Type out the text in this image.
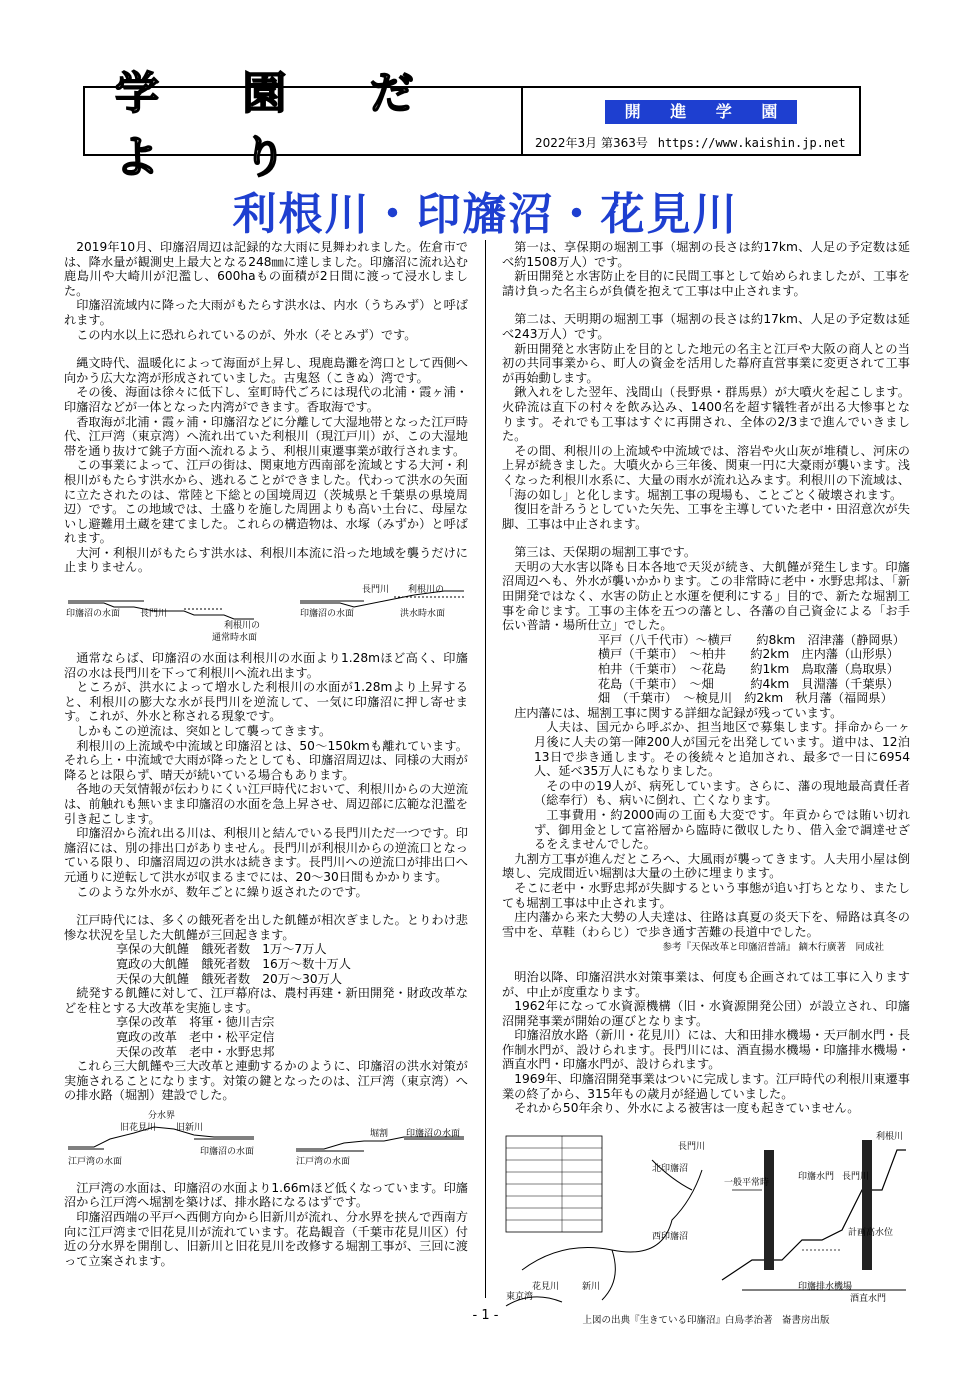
学 園 だ よ り
開 進 学 園
2022年3月 第363号 https://www.kaishin.jp.net
利根川・印旛沼・花見川

2019年10月、印旛沼周辺は記録的な大雨に見舞われました。佐倉市では、降水量が観測史上最大となる248㎜に達しました。印旛沼に流れ込む鹿島川や大崎川が氾濫し、600haもの面積が2日間に渡って浸水しました。

印旛沼流域内に降った大雨がもたらす洪水は、内水（うちみず）と呼ばれます。

この内水以上に恐れられているのが、外水（そとみず）です。

縄文時代、温暖化によって海面が上昇し、現鹿島灘を湾口として西側へ向かう広大な湾が形成されていました。古鬼怒（こきぬ）湾です。

その後、海面は徐々に低下し、室町時代ごろには現代の北浦・霞ヶ浦・印旛沼などが一体となった内湾ができます。香取海です。

香取海が北浦・霞ヶ浦・印旛沼などに分離して大湿地帯となった江戸時代、江戸湾（東京湾）へ流れ出ていた利根川（現江戸川）が、この大湿地帯を通り抜けて銚子方面へ流れるよう、利根川東遷事業が敢行されます。

この事業によって、江戸の街は、関東地方西南部を流域とする大河・利根川がもたらす洪水から、逃れることができました。代わって洪水の矢面に立たされたのは、常陸と下総との国境周辺（茨城県と千葉県の県境周辺）です。この地域では、土盛りを施した周囲よりも高い土台に、母屋ないし避難用土蔵を建てました。これらの構造物は、水塚（みずか）と呼ばれます。

大河・利根川がもたらす洪水は、利根川本流に沿った地域を襲うだけに止まりません。

印旛沼の水面 長門川
利根川の
通常時水面
長門川 利根川の
印旛沼の水面	洪水時水面

通常ならば、印旛沼の水面は利根川の水面より1.28mほど高く、印旛沼の水は長門川を下って利根川へ流れ出ます。

ところが、洪水によって増水した利根川の水面が1.28mより上昇すると、利根川の膨大な水が長門川を逆流して、一気に印旛沼に押し寄せます。これが、外水と称される現象です。

しかもこの逆流は、突如として襲ってきます。

利根川の上流域や中流域と印旛沼とは、50～150kmも離れています。それら上・中流域で大雨が降ったとしても、印旛沼周辺は、同様の大雨が降るとは限らず、晴天が続いている場合もあります。

各地の天気情報が伝わりにくい江戸時代において、利根川からの大逆流は、前触れも無いまま印旛沼の水面を急上昇させ、周辺部に広範な氾濫を引き起こします。

印旛沼から流れ出る川は、利根川と結んでいる長門川ただ一つです。印旛沼には、別の排出口がありません。長門川が利根川からの逆流口となっている限り、印旛沼周辺の洪水は続きます。長門川への逆流口が排出口へ元通りに逆転して洪水が収まるまでには、20～30日間もかかります。

このような外水が、数年ごとに繰り返されたのです。

江戸時代には、多くの餓死者を出した飢饉が相次ぎました。とりわけ悲惨な状況を呈した大飢饉が三回起きます。

享保の大飢饉　餓死者数　1万～7万人
寛政の大飢饉　餓死者数　16万～数十万人
天保の大飢饉　餓死者数　20万～30万人

続発する飢饉に対して、江戸幕府は、農村再建・新田開発・財政改革などを柱とする大改革を実施します。

享保の改革　将軍・徳川吉宗
寛政の改革　老中・松平定信
天保の改革　老中・水野忠邦

これら三大飢饉や三大改革と連動するかのように、印旛沼の洪水対策が実施されることになります。対策の鍵となったのは、江戸湾（東京湾）への排水路（堀割）建設でした。

分水界
旧花見川 旧新川
江戸湾の水面
印旛沼の水面
堀割 印旛沼の水面
江戸湾の水面

江戸湾の水面は、印旛沼の水面より1.66mほど低くなっています。印旛沼から江戸湾へ堀割を築けば、排水路になるはずです。

印旛沼西端の平戸へ西側方向から旧新川が流れ、分水界を挟んで西南方向に江戸湾まで旧花見川が流れています。花島観音（千葉市花見川区）付近の分水界を開削し、旧新川と旧花見川を改修する堀割工事が、三回に渡って立案されます。

第一は、享保期の堀割工事（堀割の長さは約17km、人足の予定数は延べ約1508万人）です。

新田開発と水害防止を目的に民間工事として始められましたが、工事を請け負った名主らが負債を抱えて工事は中止されます。

第二は、天明期の堀割工事（堀割の長さは約17km、人足の予定数は延べ243万人）です。

新田開発と水害防止を目的とした地元の名主と江戸や大阪の商人との当初の共同事業から、町人の資金を活用した幕府直営事業に変更されて工事が再始動します。

鍬入れをした翌年、浅間山（長野県・群馬県）が大噴火を起こします。火砕流は直下の村々を飲み込み、1400名を超す犠牲者が出る大惨事となります。それでも工事はすぐに再開され、全体の2/3まで進んでいきました。

その間、利根川の上流域や中流域では、溶岩や火山灰が堆積し、河床の上昇が続きました。大噴火から三年後、関東一円に大豪雨が襲います。浅くなった利根川水系に、大量の雨水が流れ込みます。利根川の下流域は、「海の如し」と化します。堀割工事の現場も、ことごとく破壊されます。

復旧を計ろうとしていた矢先、工事を主導していた老中・田沼意次が失脚、工事は中止されます。

第三は、天保期の堀割工事です。

天明の大水害以降も日本各地で天災が続き、大飢饉が発生します。印旛沼周辺へも、外水が襲いかかります。この非常時に老中・水野忠邦は、「新田開発ではなく、水害の防止と水運を便利にする」目的で、新たな堀割工事を命じます。工事の主体を五つの藩とし、各藩の自己資金による「お手伝い普請・場所仕立」でした。

平戸（八千代市）～横戸　　約8km　沼津藩（静岡県）
横戸（千葉市）　～柏井　　約2km　庄内藩（山形県）
柏井（千葉市）　～花島　　約1km　鳥取藩（鳥取県）
花島（千葉市）　～畑　　　約4km　貝淵藩（千葉県）
畑　（千葉市）　～検見川　約2km　秋月藩（福岡県）

庄内藩には、堀割工事に関する詳細な記録が残っています。

人夫は、国元から呼ぶか、担当地区で募集します。拝命から一ヶ月後に人夫の第一陣200人が国元を出発しています。道中は、12泊13日で歩き通します。その後続々と追加され、最多で一日に6954人、延べ35万人にもなりました。

その中の19人が、病死しています。さらに、藩の現地最高責任者（総奉行）も、病いに倒れ、亡くなります。

工事費用・約2000両の工面も大変です。年貢からでは賄い切れず、御用金として富裕層から臨時に徴収したり、借入金で調達せざるをえませんでした。

九割方工事が進んだところへ、大風雨が襲ってきます。人夫用小屋は倒壊し、完成間近い堀割は大量の土砂に埋まります。

そこに老中・水野忠邦が失脚するという事態が追い打ちとなり、またしても堀割工事は中止されます。

庄内藩から来た大勢の人夫達は、往路は真夏の炎天下を、帰路は真冬の雪中を、草鞋（わらじ）で歩き通す苦難の長道中でした。

参考『天保改革と印旛沼普請』 鏑木行廣著　同成社

明治以降、印旛沼洪水対策事業は、何度も企画されては工事に入りますが、中止が度重なります。

1962年になって水資源機構（旧・水資源開発公団）が設立され、印旛沼開発事業が開始の運びとなります。

印旛沼放水路（新川・花見川）には、大和田排水機場・天戸制水門・長作制水門が、設けられます。長門川には、酒直揚水機場・印旛排水機場・酒直水門・印旛水門が、設けられます。

1969年、印旛沼開発事業はついに完成します。江戸時代の利根川東遷事業の終了から、315年もの歳月が経過していました。

それから50年余り、外水による被害は一度も起きていません。

北印旛沼
西印旛沼
新川
花見川
東京湾
長門川
一般平常時
長門川
印旛水門
利根川
計画高水位
印旛排水機場
酒直水門
上図の出典『生きている印旛沼』白鳥孝治著　崙書房出版
- 1 -
